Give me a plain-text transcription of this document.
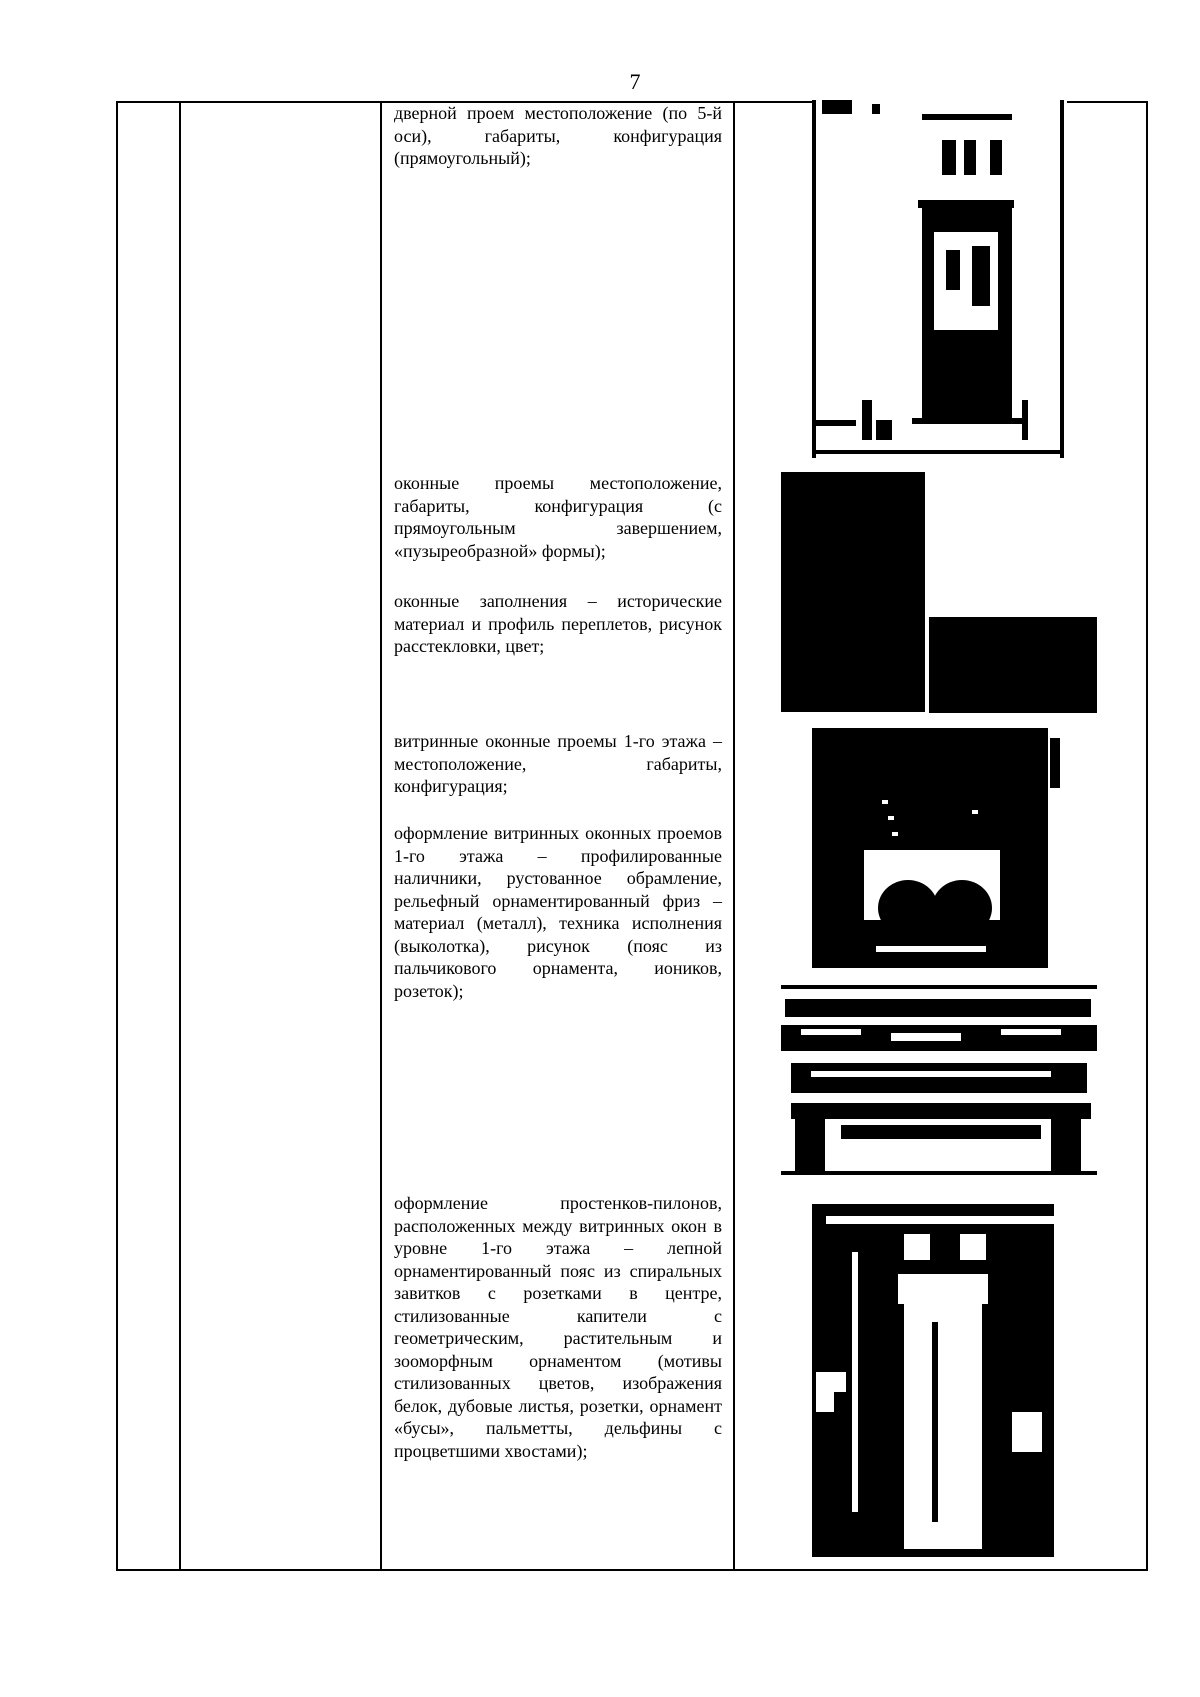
7

дверной проем местоположение (по 5-й оси), габариты, конфигурация (прямоугольный);

оконные проемы местоположение, габариты, конфигурация (с прямоугольным завершением, «пузыреобразной» формы);

оконные заполнения – исторические материал и профиль переплетов, рисунок расстекловки, цвет;

витринные оконные проемы 1-го этажа – местоположение, габариты, конфигурация;

оформление витринных оконных проемов 1-го этажа – профилированные наличники, рустованное обрамление, рельефный орнаментированный фриз – материал (металл), техника исполнения (выколотка), рисунок (пояс из пальчикового орнамента, иоников, розеток);

оформление простенков-пилонов, расположенных между витринных окон в уровне 1-го этажа – лепной орнаментированный пояс из спиральных завитков с розетками в центре, стилизованные капители с геометрическим, растительным и зооморфным орнаментом (мотивы стилизованных цветов, изображения белок, дубовые листья, розетки, орнамент «бусы», пальметты, дельфины с процветшими хвостами);
